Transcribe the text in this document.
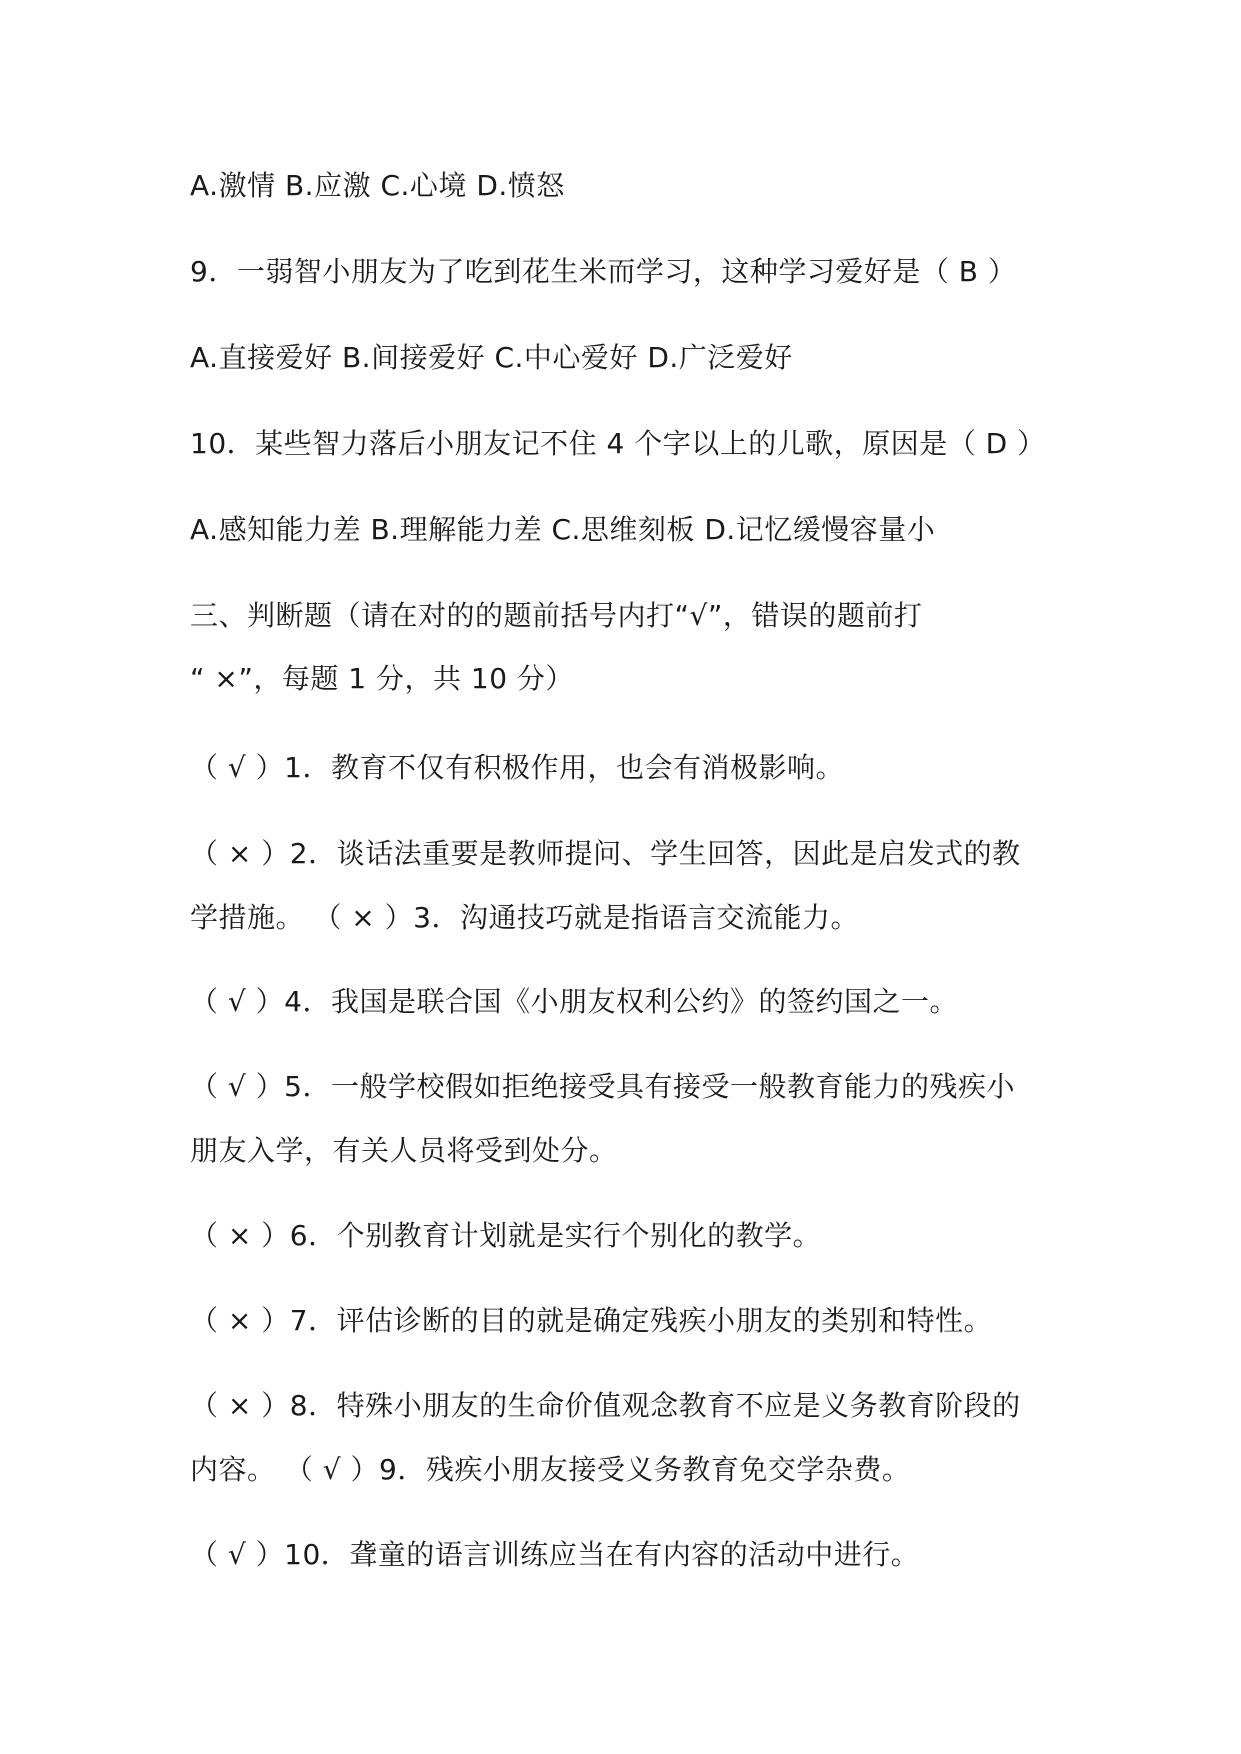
A.激情 B.应激 C.心境 D.愤怒
9．一弱智小朋友为了吃到花生米而学习，这种学习爱好是（ B ）
A.直接爱好 B.间接爱好 C.中心爱好 D.广泛爱好
10．某些智力落后小朋友记不住 4 个字以上的儿歌，原因是（ D ）
A.感知能力差 B.理解能力差 C.思维刻板 D.记忆缓慢容量小
三、判断题（请在对的的题前括号内打“√”，错误的题前打
“ ×”，每题 1 分，共 10 分）
（ √ ）1．教育不仅有积极作用，也会有消极影响。
（ × ）2．谈话法重要是教师提问、学生回答，因此是启发式的教
学措施。 （ × ）3．沟通技巧就是指语言交流能力。
（ √ ）4．我国是联合国《小朋友权利公约》的签约国之一。
（ √ ）5．一般学校假如拒绝接受具有接受一般教育能力的残疾小
朋友入学，有关人员将受到处分。
（ × ）6．个别教育计划就是实行个别化的教学。
（ × ）7．评估诊断的目的就是确定残疾小朋友的类别和特性。
（ × ）8．特殊小朋友的生命价值观念教育不应是义务教育阶段的
内容。 （ √ ）9．残疾小朋友接受义务教育免交学杂费。
（ √ ）10．聋童的语言训练应当在有内容的活动中进行。
